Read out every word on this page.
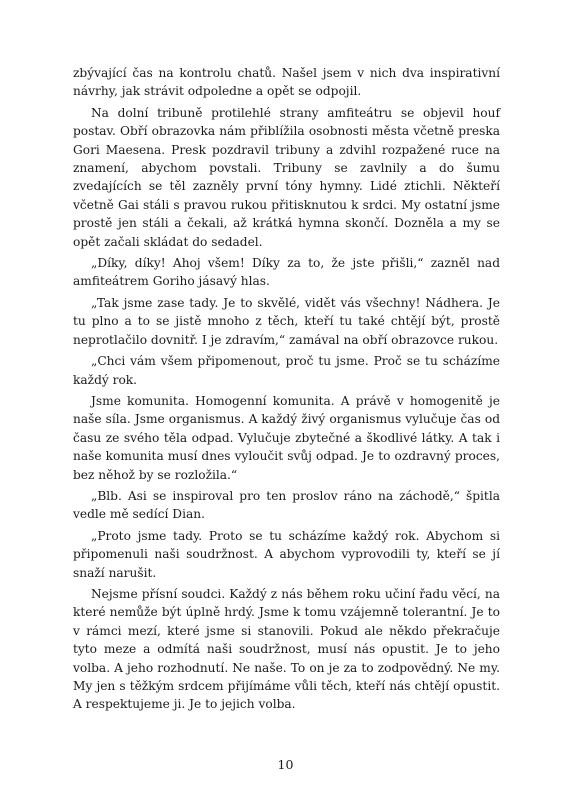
zbývající čas na kontrolu chatů. Našel jsem v nich dva inspirativní návrhy, jak strávit odpoledne a opět se odpojil.

Na dolní tribuně protilehlé strany amfiteátru se objevil houf postav. Obří obrazovka nám přiblížila osobnosti města včetně preska Gori Maesena. Presk pozdravil tribuny a zdvihl rozpažené ruce na znamení, abychom povstali. Tribuny se zavlnily a do šumu zvedajících se těl zazněly první tóny hymny. Lidé ztichli. Někteří včetně Gai stáli s pravou rukou přitisknutou k srdci. My ostatní jsme prostě jen stáli a čekali, až krátká hymna skončí. Dozněla a my se opět začali skládat do sedadel.

„Díky, díky! Ahoj všem! Díky za to, že jste přišli,“ zazněl nad amfiteátrem Goriho jásavý hlas.

„Tak jsme zase tady. Je to skvělé, vidět vás všechny! Nádhera. Je tu plno a to se jistě mnoho z těch, kteří tu také chtějí být, prostě neprotlačilo dovnitř. I je zdravím,“ zamával na obří obrazovce rukou.

„Chci vám všem připomenout, proč tu jsme. Proč se tu scházíme každý rok.

Jsme komunita. Homogenní komunita. A právě v homogenitě je naše síla. Jsme organismus. A každý živý organismus vylučuje čas od času ze svého těla odpad. Vylučuje zbytečné a škodlivé látky. A tak i naše komunita musí dnes vyloučit svůj odpad. Je to ozdravný proces, bez něhož by se rozložila.“

„Blb. Asi se inspiroval pro ten proslov ráno na záchodě,“ špitla vedle mě sedící Dian.

„Proto jsme tady. Proto se tu scházíme každý rok. Abychom si připomenuli naši soudržnost. A abychom vyprovodili ty, kteří se jí snaží narušit.

Nejsme přísní soudci. Každý z nás během roku učiní řadu věcí, na které nemůže být úplně hrdý. Jsme k tomu vzájemně tolerantní. Je to v rámci mezí, které jsme si stanovili. Pokud ale někdo překračuje tyto meze a odmítá naši soudržnost, musí nás opustit. Je to jeho volba. A jeho rozhodnutí. Ne naše. To on je za to zodpovědný. Ne my. My jen s těžkým srdcem přijímáme vůli těch, kteří nás chtějí opustit. A respektujeme ji. Je to jejich volba.

10
